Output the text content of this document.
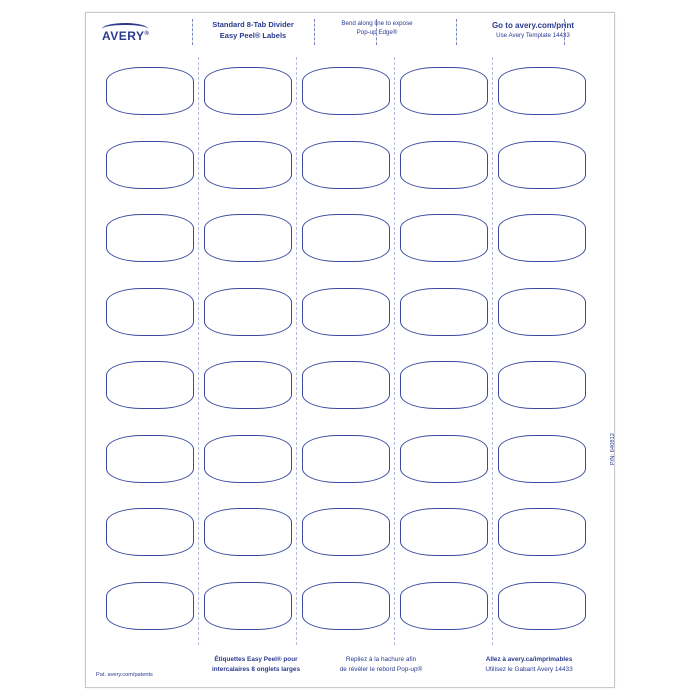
AVERY®
Standard 8-Tab Divider
Easy Peel® Labels
Bend along line to expose
Pop-up Edge®
Go to avery.com/print
Use Avery Template 14433
P/N: 640812
Pat. avery.com/patents
Étiquettes Easy Peel® pour
intercalaires 8 onglets larges
Repliez à la hachure afin
de révéler le rebord Pop-up®
Allez à avery.ca/imprimables
Utilisez le Gabarit Avery 14433
